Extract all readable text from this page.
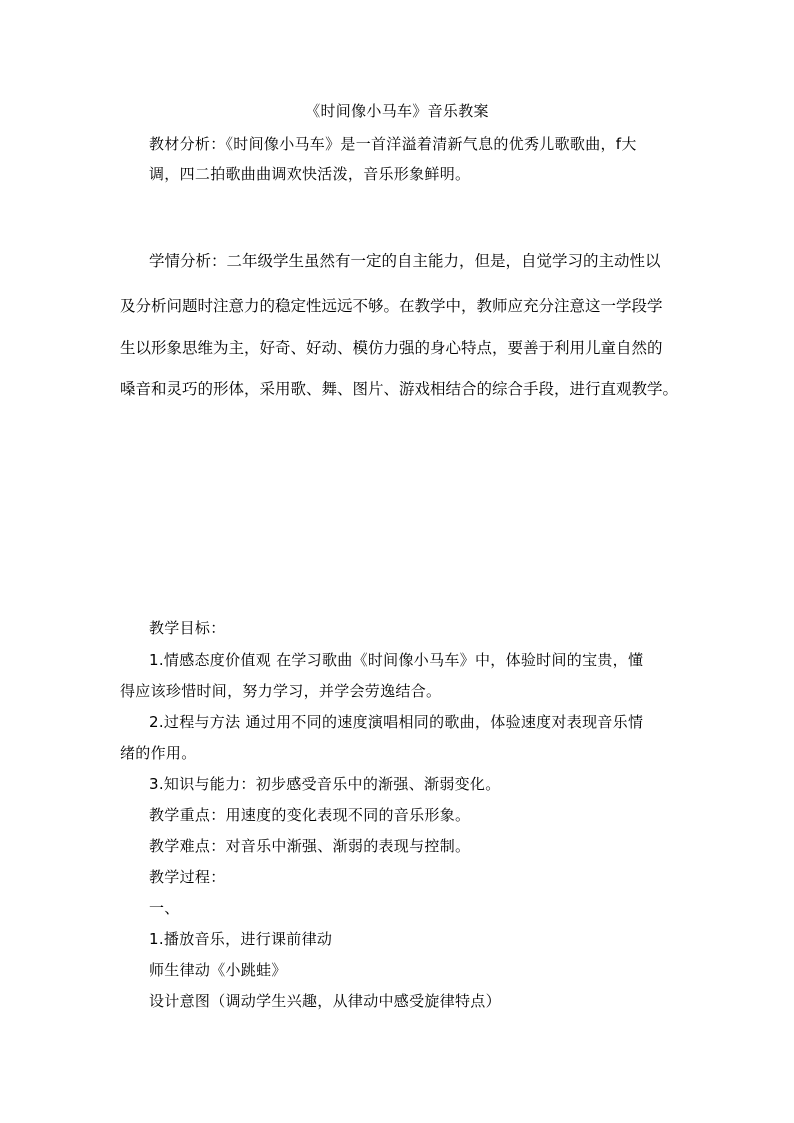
《时间像小马车》音乐教案
教材分析：《时间像小马车》是一首洋溢着清新气息的优秀儿歌歌曲，f大
调，四二拍歌曲曲调欢快活泼，音乐形象鲜明。
学情分析：二年级学生虽然有一定的自主能力，但是，自觉学习的主动性以
及分析问题时注意力的稳定性远远不够。在教学中，教师应充分注意这一学段学
生以形象思维为主，好奇、好动、模仿力强的身心特点，要善于利用儿童自然的
嗓音和灵巧的形体，采用歌、舞、图片、游戏相结合的综合手段，进行直观教学。
教学目标：
1.情感态度价值观 在学习歌曲《时间像小马车》中，体验时间的宝贵，懂
得应该珍惜时间，努力学习，并学会劳逸结合。
2.过程与方法 通过用不同的速度演唱相同的歌曲，体验速度对表现音乐情
绪的作用。
3.知识与能力：初步感受音乐中的渐强、渐弱变化。
教学重点：用速度的变化表现不同的音乐形象。
教学难点：对音乐中渐强、渐弱的表现与控制。
教学过程：
一、
1.播放音乐，进行课前律动
师生律动《小跳蛙》
设计意图（调动学生兴趣，从律动中感受旋律特点）
